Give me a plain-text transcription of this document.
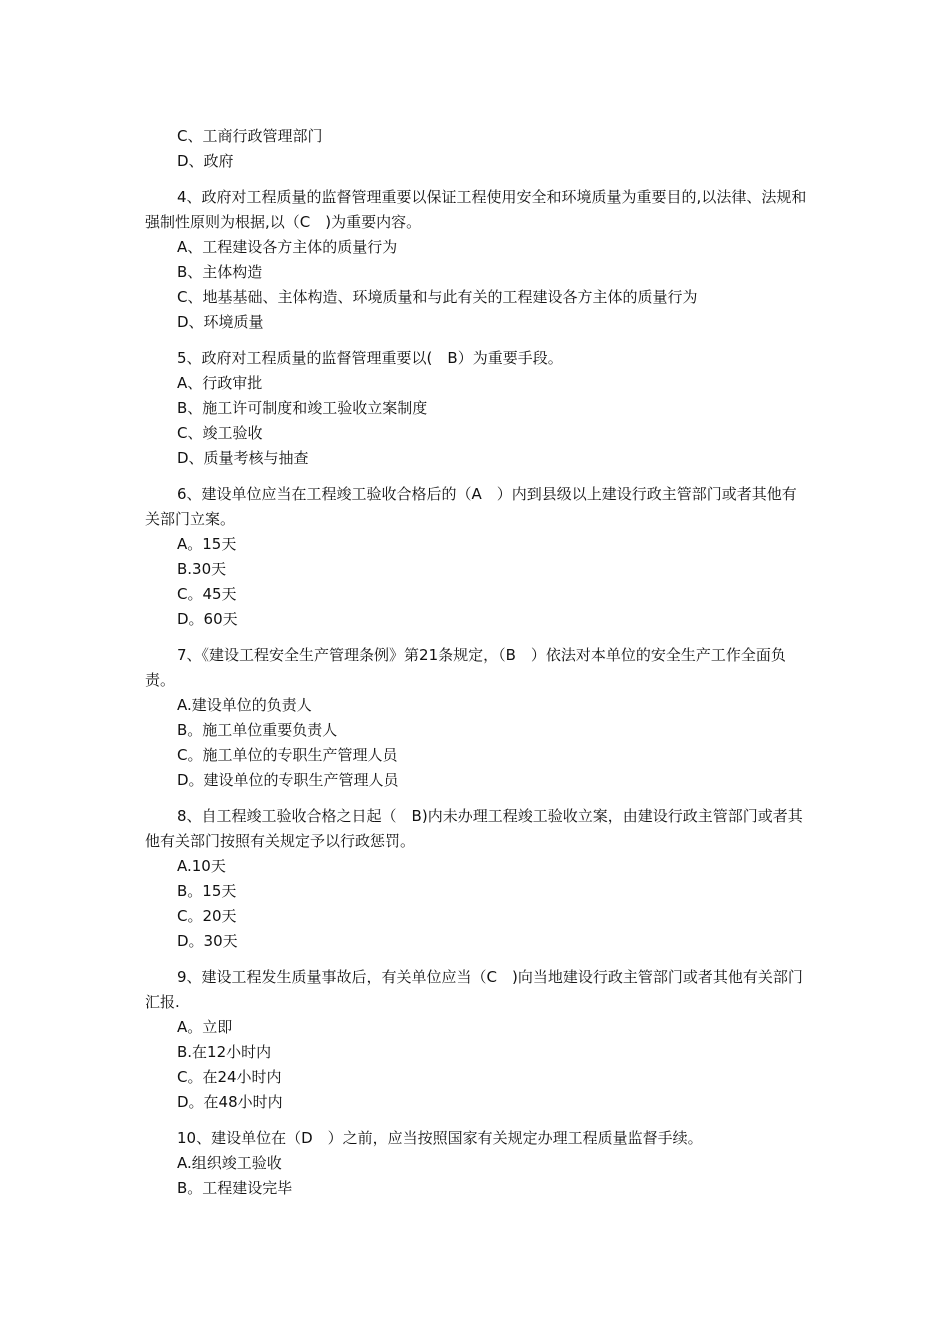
C、工商行政管理部门

D、政府

4、政府对工程质量的监督管理重要以保证工程使用安全和环境质量为重要目的,以法律、法规和强制性原则为根据,以（C　)为重要内容。

A、工程建设各方主体的质量行为

B、主体构造

C、地基基础、主体构造、环境质量和与此有关的工程建设各方主体的质量行为

D、环境质量

5、政府对工程质量的监督管理重要以(　B）为重要手段。

A、行政审批

B、施工许可制度和竣工验收立案制度

C、竣工验收

D、质量考核与抽查

6、建设单位应当在工程竣工验收合格后的（A　）内到县级以上建设行政主管部门或者其他有关部门立案。

A。15天

B.30天

C。45天

D。60天

7、《建设工程安全生产管理条例》第21条规定，（B　）依法对本单位的安全生产工作全面负责。

A.建设单位的负责人

B。施工单位重要负责人

C。施工单位的专职生产管理人员

D。建设单位的专职生产管理人员

8、自工程竣工验收合格之日起（　B)内未办理工程竣工验收立案，由建设行政主管部门或者其他有关部门按照有关规定予以行政惩罚。

A.10天

B。15天

C。20天

D。30天

9、建设工程发生质量事故后，有关单位应当（C　)向当地建设行政主管部门或者其他有关部门汇报.

A。立即

B.在12小时内

C。在24小时内

D。在48小时内

10、建设单位在（D　）之前，应当按照国家有关规定办理工程质量监督手续。

A.组织竣工验收

B。工程建设完毕
